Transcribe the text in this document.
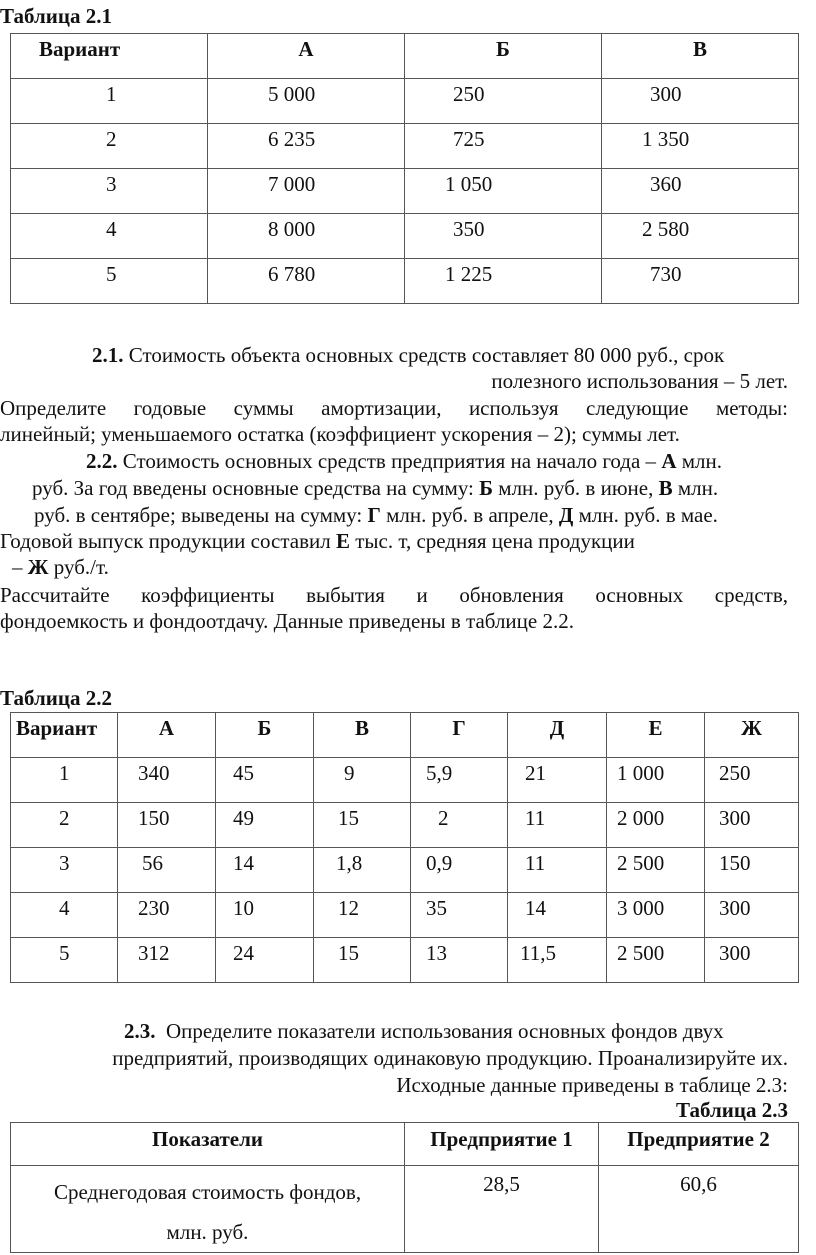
Таблица 2.1
Вариант	А	Б	В
1	5 000	250	300
2	6 235	725	1 350
3	7 000	1 050	360
4	8 000	350	2 580
5	6 780	1 225	730
2.1. Стоимость объекта основных средств составляет 80 000 руб., срок
полезного использования – 5 лет.
Определите годовые суммы амортизации, используя следующие методы:
линейный; уменьшаемого остатка (коэффициент ускорения – 2); суммы лет.
2.2. Стоимость основных средств предприятия на начало года – А млн.
руб. За год введены основные средства на сумму: Б млн. руб. в июне, В млн.
руб. в сентябре; выведены на сумму: Г млн. руб. в апреле, Д млн. руб. в мае.
Годовой выпуск продукции составил Е тыс. т, средняя цена продукции
– Ж руб./т.
Рассчитайте коэффициенты выбытия и обновления основных средств,
фондоемкость и фондоотдачу. Данные приведены в таблице 2.2.
Таблица 2.2
Вариант	А	Б	В	Г	Д	Е	Ж
1	340	45	9	5,9	21	1 000	250
2	150	49	15	2	11	2 000	300
3	56	14	1,8	0,9	11	2 500	150
4	230	10	12	35	14	3 000	300
5	312	24	15	13	11,5	2 500	300
2.3. Определите показатели использования основных фондов двух
предприятий, производящих одинаковую продукцию. Проанализируйте их.
Исходные данные приведены в таблице 2.3:
Таблица 2.3
Показатели	Предприятие 1	Предприятие 2

Среднегодовая стоимость фондов,
млн. руб.	28,5	60,6
